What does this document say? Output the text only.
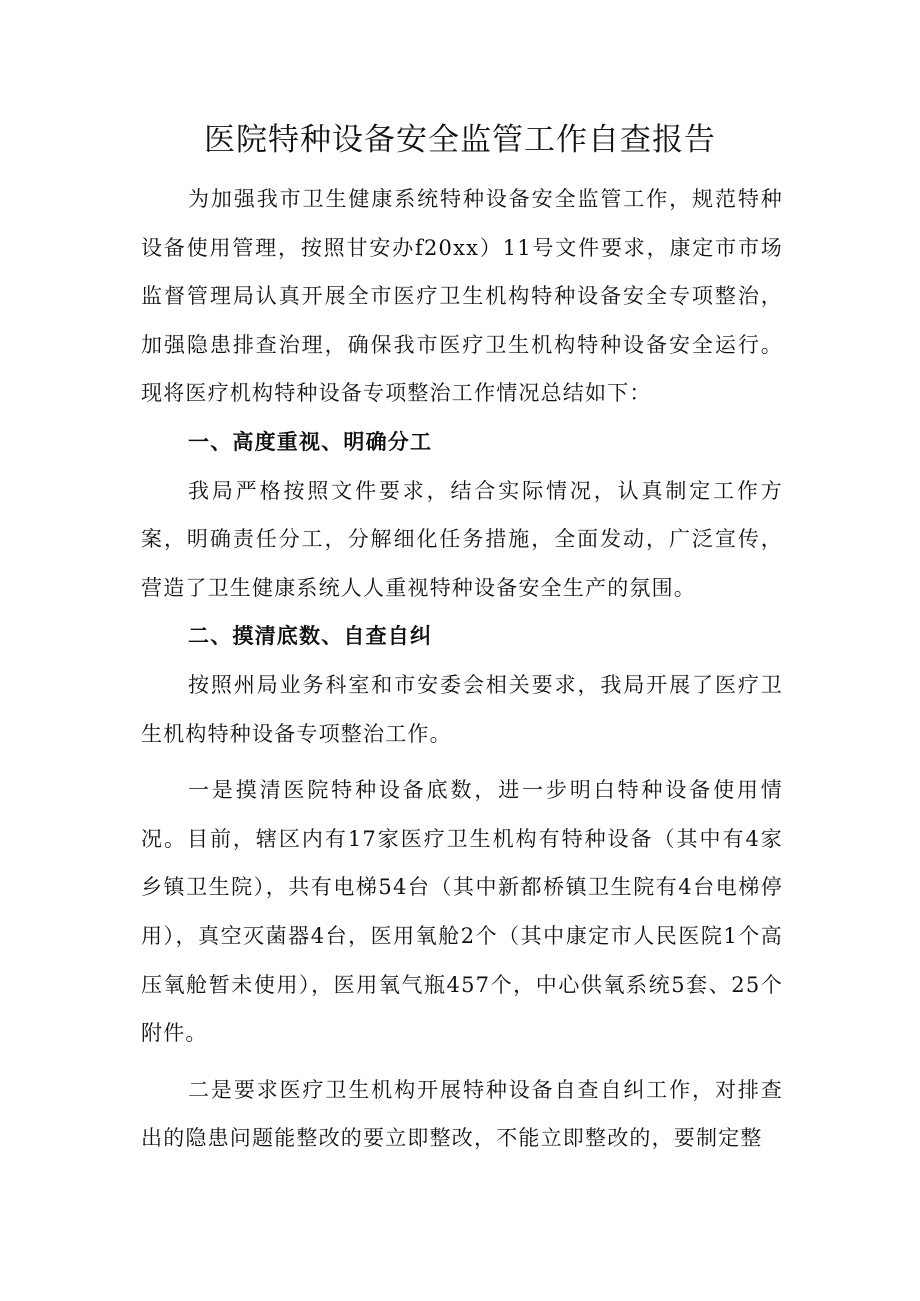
医院特种设备安全监管工作自查报告

为加强我市卫生健康系统特种设备安全监管工作，规范特种设备使用管理，按照甘安办f20xx）11号文件要求，康定市市场监督管理局认真开展全市医疗卫生机构特种设备安全专项整治，加强隐患排查治理，确保我市医疗卫生机构特种设备安全运行。现将医疗机构特种设备专项整治工作情况总结如下：

一、高度重视、明确分工

我局严格按照文件要求，结合实际情况，认真制定工作方案，明确责任分工，分解细化任务措施，全面发动，广泛宣传，营造了卫生健康系统人人重视特种设备安全生产的氛围。

二、摸清底数、自查自纠

按照州局业务科室和市安委会相关要求，我局开展了医疗卫生机构特种设备专项整治工作。

一是摸清医院特种设备底数，进一步明白特种设备使用情况。目前，辖区内有17家医疗卫生机构有特种设备（其中有4家乡镇卫生院），共有电梯54台（其中新都桥镇卫生院有4台电梯停用），真空灭菌器4台，医用氧舱2个（其中康定市人民医院1个高压氧舱暂未使用），医用氧气瓶457个，中心供氧系统5套、25个附件。

二是要求医疗卫生机构开展特种设备自查自纠工作，对排查出的隐患问题能整改的要立即整改，不能立即整改的，要制定整
